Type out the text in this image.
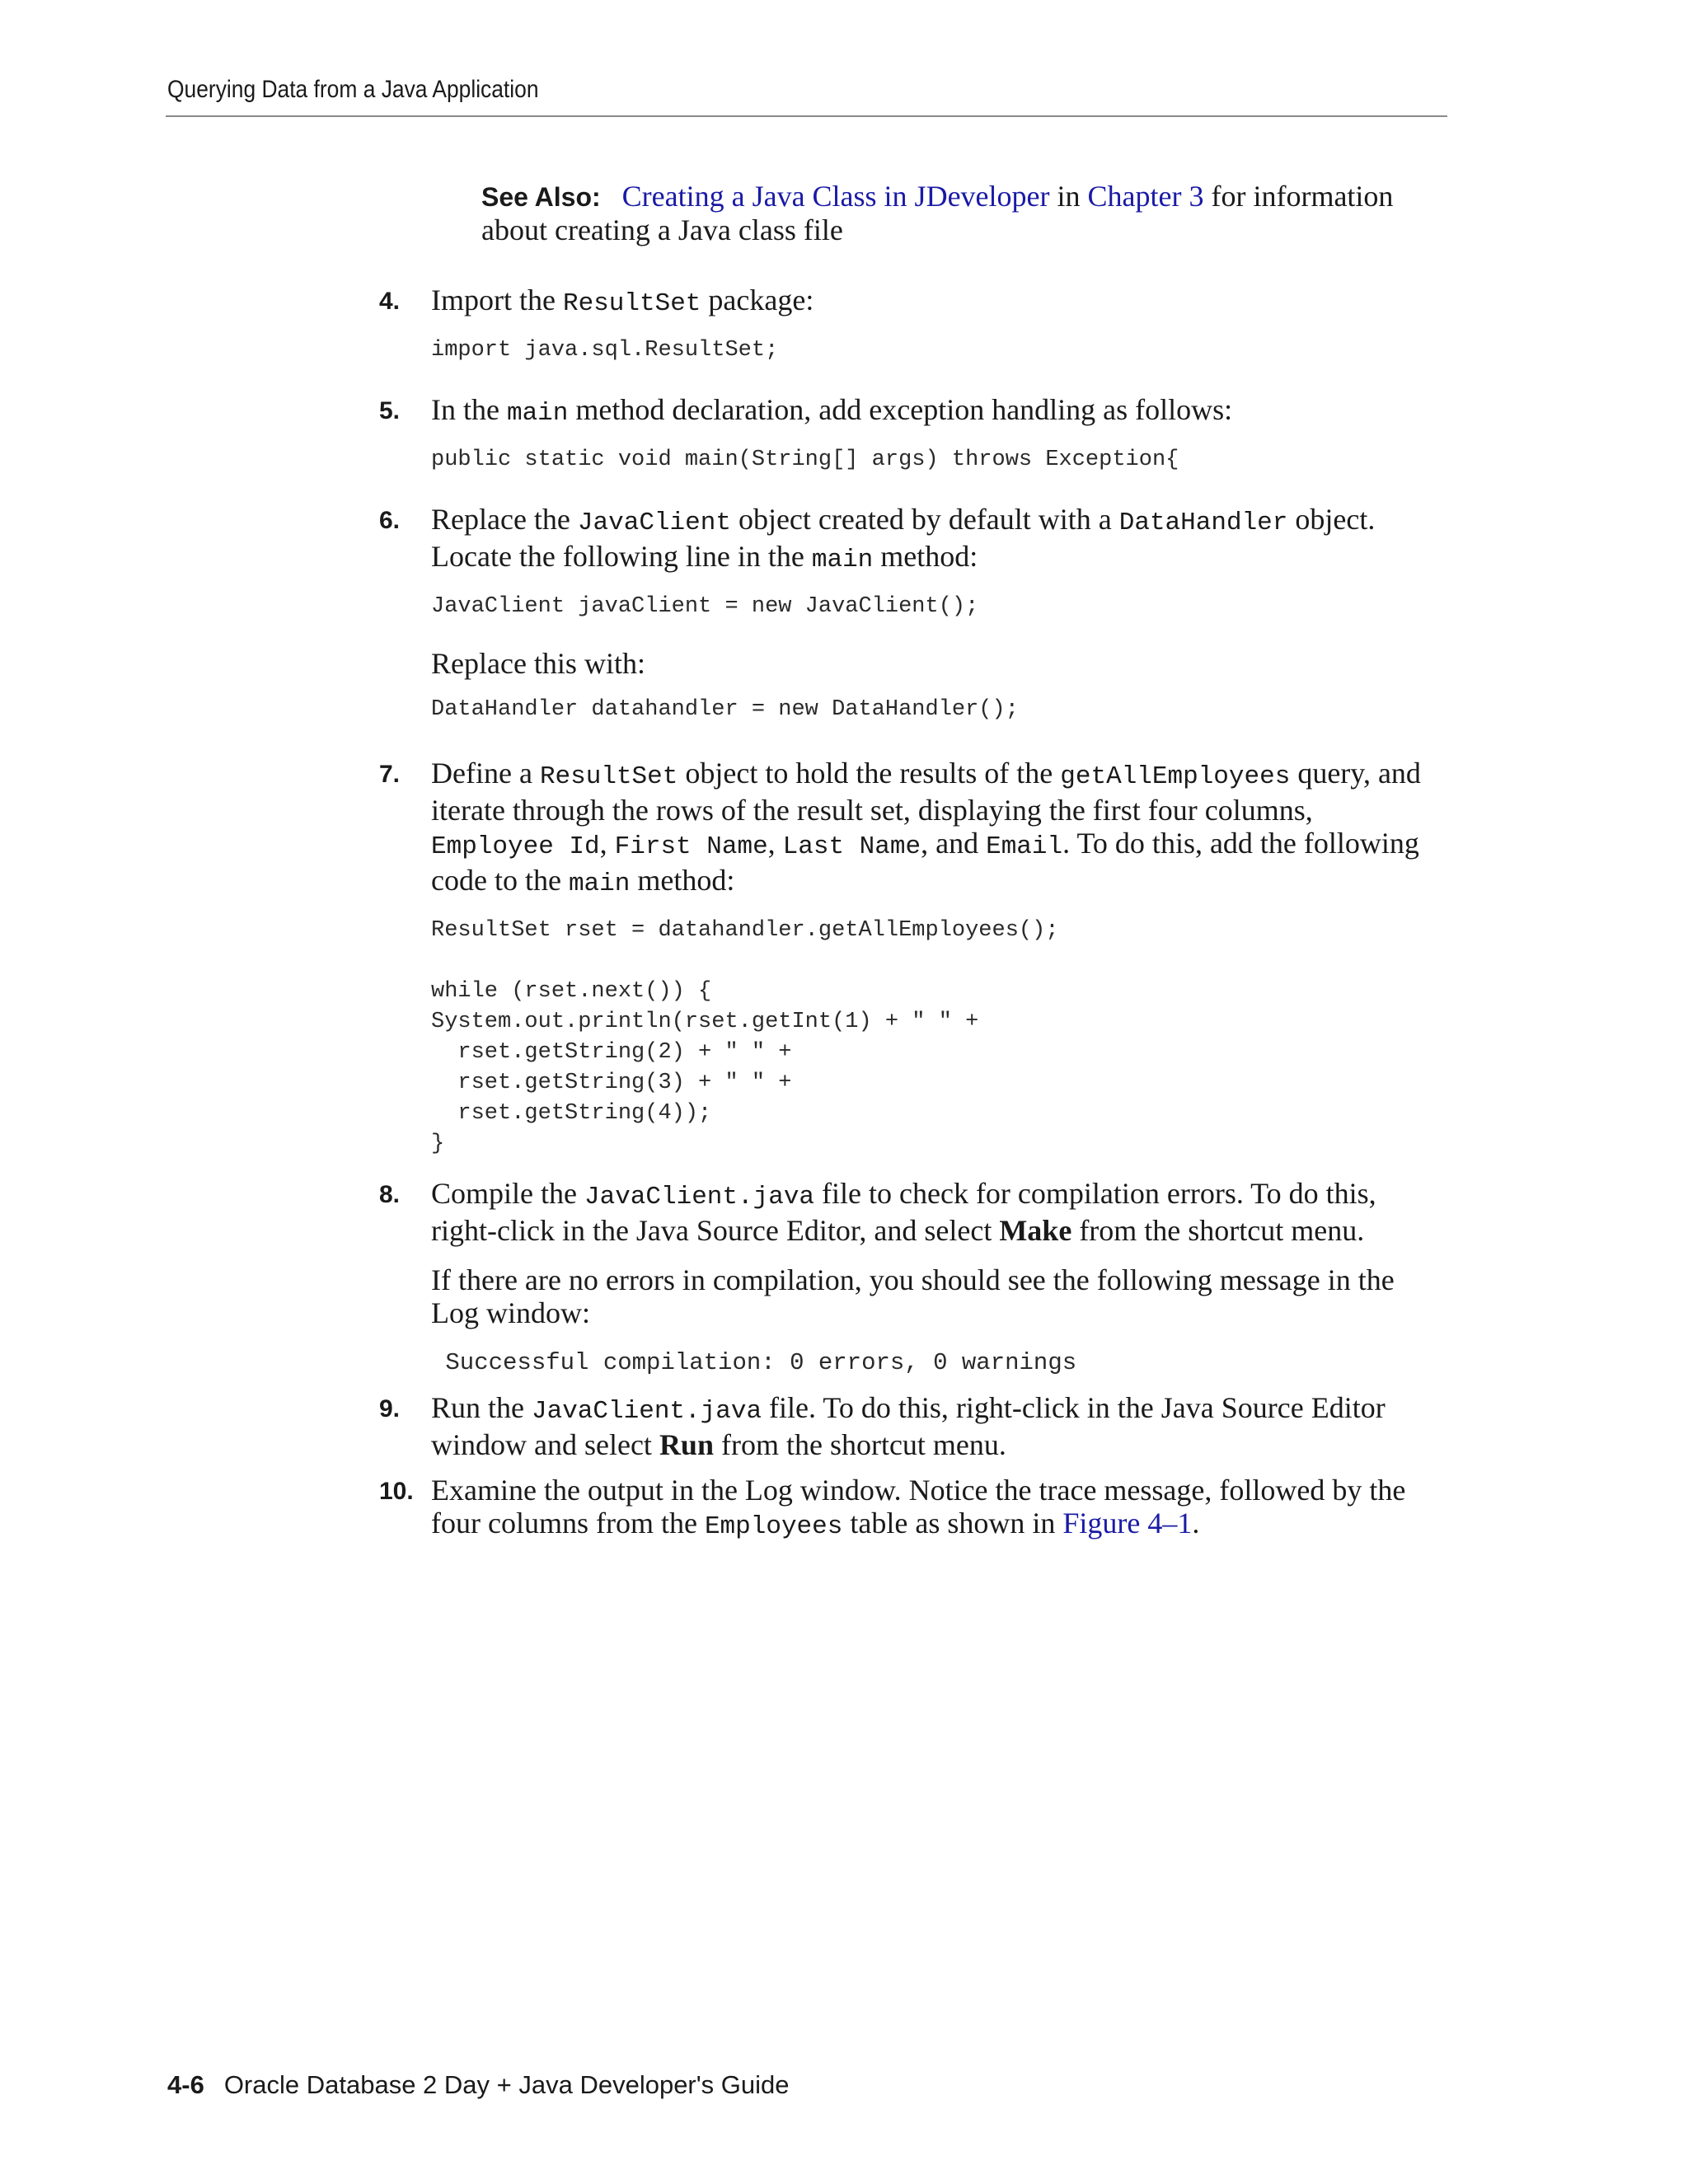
Querying Data from a Java Application
See Also: Creating a Java Class in JDeveloper in Chapter 3 for information about creating a Java class file
4. Import the ResultSet package:

import java.sql.ResultSet;
5. In the main method declaration, add exception handling as follows:

public static void main(String[] args) throws Exception{
6. Replace the JavaClient object created by default with a DataHandler object. Locate the following line in the main method:

JavaClient javaClient = new JavaClient();

Replace this with:

DataHandler datahandler = new DataHandler();
7. Define a ResultSet object to hold the results of the getAllEmployees query, and iterate through the rows of the result set, displaying the first four columns, Employee Id, First Name, Last Name, and Email. To do this, add the following code to the main method:

ResultSet rset = datahandler.getAllEmployees();

while (rset.next()) {
System.out.println(rset.getInt(1) + " " +
rset.getString(2) + " " +
rset.getString(3) + " " +
rset.getString(4));
}
8. Compile the JavaClient.java file to check for compilation errors. To do this, right-click in the Java Source Editor, and select Make from the shortcut menu.

If there are no errors in compilation, you should see the following message in the Log window:

Successful compilation: 0 errors, 0 warnings
9. Run the JavaClient.java file. To do this, right-click in the Java Source Editor window and select Run from the shortcut menu.

10. Examine the output in the Log window. Notice the trace message, followed by the four columns from the Employees table as shown in Figure 4–1.

4-6 Oracle Database 2 Day + Java Developer's Guide
